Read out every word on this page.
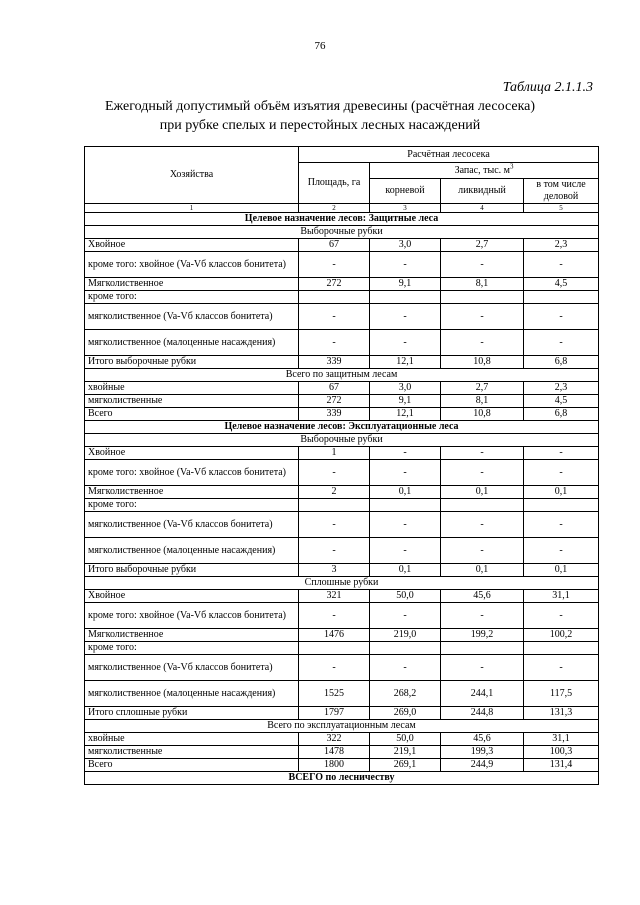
76
Таблица 2.1.1.3
Ежегодный допустимый объём изъятия древесины (расчётная лесосека)
при рубке спелых и перестойных лесных насаждений
Хозяйства	Расчётная лесосека			
	Площадь, га	Запас, тыс. $м^3$
		корневой	ликвидный	в том числе
деловой

1	2	3	4	5
Целевое назначение лесов: Защитные леса				
Выборочные рубки				
Хвойное	67	3,0	2,7	2,3
кроме того: хвойное (Va-Vб классов бонитета)	-	-	-	-
Мягколиственное	272	9,1	8,1	4,5
кроме того:				
мягколиственное (Va-Vб классов бонитета)	-	-	-	-
мягколиственное (малоценные насаждения)	-	-	-	-
Итого выборочные рубки	339	12,1	10,8	6,8
Всего по защитным лесам				
хвойные	67	3,0	2,7	2,3
мягколиственные	272	9,1	8,1	4,5
Всего	339	12,1	10,8	6,8
Целевое назначение лесов: Эксплуатационные леса				
Выборочные рубки				
Хвойное	1	-	-	-
кроме того: хвойное (Va-Vб классов бонитета)	-	-	-	-
Мягколиственное	2	0,1	0,1	0,1
кроме того:				
мягколиственное (Va-Vб классов бонитета)	-	-	-	-
мягколиственное (малоценные насаждения)	-	-	-	-
Итого выборочные рубки	3	0,1	0,1	0,1
Сплошные рубки				
Хвойное	321	50,0	45,6	31,1
кроме того: хвойное (Va-Vб классов бонитета)	-	-	-	-
Мягколиственное	1476	219,0	199,2	100,2
кроме того:				
мягколиственное (Va-Vб классов бонитета)	-	-	-	-
мягколиственное (малоценные насаждения)	1525	268,2	244,1	117,5
Итого сплошные рубки	1797	269,0	244,8	131,3
Всего по эксплуатационным лесам				
хвойные	322	50,0	45,6	31,1
мягколиственные	1478	219,1	199,3	100,3
Всего	1800	269,1	244,9	131,4
ВСЕГО по лесничеству				
